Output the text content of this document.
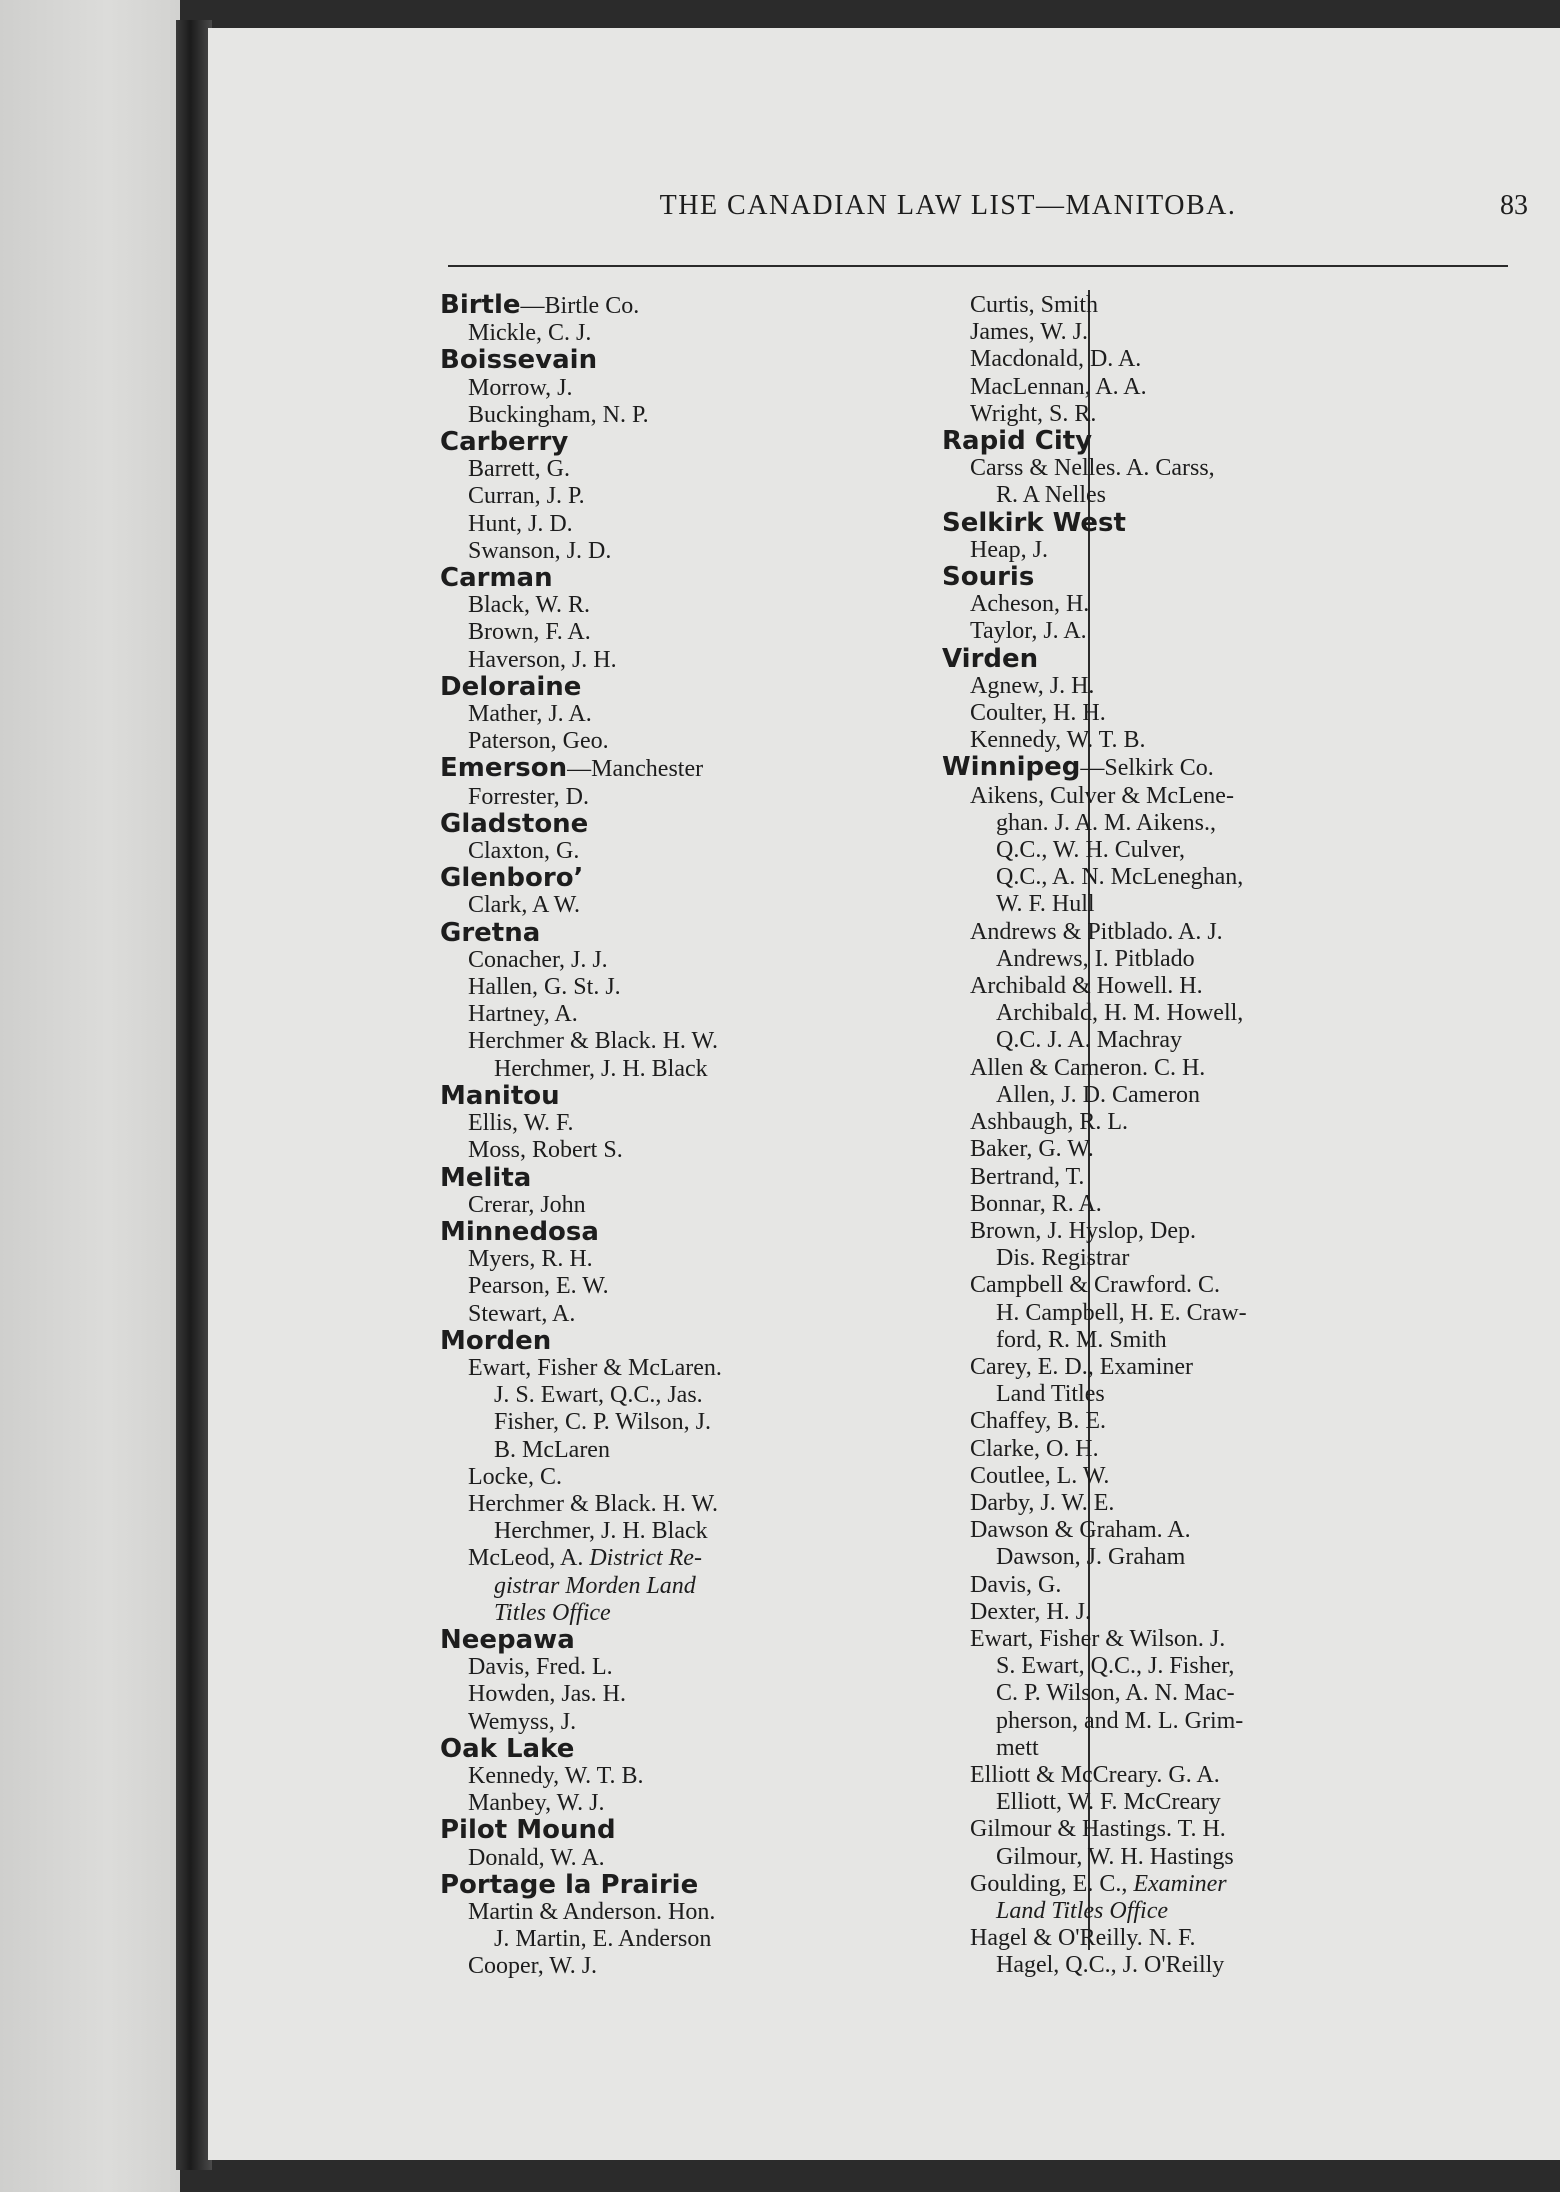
THE CANADIAN LAW LIST—MANITOBA.	83
Birtle—Birtle Co.
Mickle, C. J.
Boissevain
Morrow, J.
Buckingham, N. P.
Carberry
Barrett, G.
Curran, J. P.
Hunt, J. D.
Swanson, J. D.
Carman
Black, W. R.
Brown, F. A.
Haverson, J. H.
Deloraine
Mather, J. A.
Paterson, Geo.
Emerson—Manchester
Forrester, D.
Gladstone
Claxton, G.
Glenboro’
Clark, A W.
Gretna
Conacher, J. J.
Hallen, G. St. J.
Hartney, A.
Herchmer & Black. H. W.
Herchmer, J. H. Black
Manitou
Ellis, W. F.
Moss, Robert S.
Melita
Crerar, John
Minnedosa
Myers, R. H.
Pearson, E. W.
Stewart, A.
Morden
Ewart, Fisher & McLaren.
J. S. Ewart, Q.C., Jas.
Fisher, C. P. Wilson, J.
B. McLaren
Locke, C.
Herchmer & Black. H. W.
Herchmer, J. H. Black
McLeod, A. District Re-
gistrar Morden Land
Titles Office
Neepawa
Davis, Fred. L.
Howden, Jas. H.
Wemyss, J.
Oak Lake
Kennedy, W. T. B.
Manbey, W. J.
Pilot Mound
Donald, W. A.
Portage la Prairie
Martin & Anderson. Hon.
J. Martin, E. Anderson
Cooper, W. J.
Curtis, Smith
James, W. J.
Macdonald, D. A.
MacLennan, A. A.
Wright, S. R.
Rapid City
Carss & Nelles. A. Carss,
R. A Nelles
Selkirk West
Heap, J.
Souris
Acheson, H.
Taylor, J. A.
Virden
Agnew, J. H.
Coulter, H. H.
Kennedy, W. T. B.
Winnipeg—Selkirk Co.
Aikens, Culver & McLene-
ghan. J. A. M. Aikens.,
Q.C., W. H. Culver,
Q.C., A. N. McLeneghan,
W. F. Hull
Andrews & Pitblado. A. J.
Andrews, I. Pitblado
Archibald & Howell. H.
Archibald, H. M. Howell,
Q.C. J. A. Machray
Allen & Cameron. C. H.
Allen, J. D. Cameron
Ashbaugh, R. L.
Baker, G. W.
Bertrand, T.
Bonnar, R. A.
Brown, J. Hyslop, Dep.
Dis. Registrar
Campbell & Crawford. C.
H. Campbell, H. E. Craw-
ford, R. M. Smith
Carey, E. D., Examiner
Land Titles
Chaffey, B. E.
Clarke, O. H.
Coutlee, L. W.
Darby, J. W. E.
Dawson & Graham. A.
Dawson, J. Graham
Davis, G.
Dexter, H. J.
Ewart, Fisher & Wilson. J.
S. Ewart, Q.C., J. Fisher,
C. P. Wilson, A. N. Mac-
pherson, and M. L. Grim-
mett
Elliott & McCreary. G. A.
Elliott, W. F. McCreary
Gilmour & Hastings. T. H.
Gilmour, W. H. Hastings
Goulding, E. C., Examiner
Land Titles Office
Hagel & O'Reilly. N. F.
Hagel, Q.C., J. O'Reilly
